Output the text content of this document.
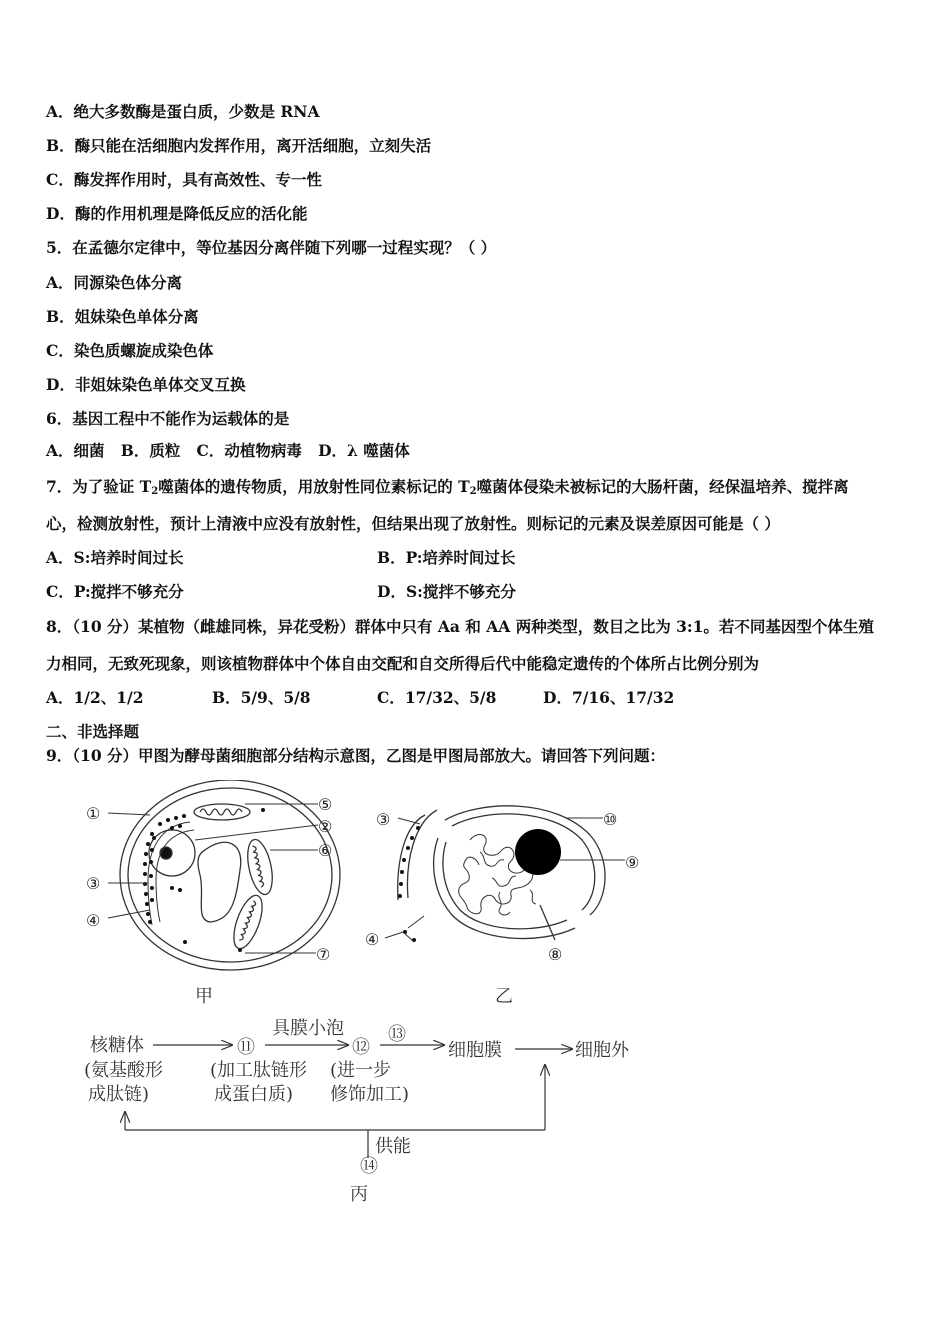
A．绝大多数酶是蛋白质，少数是 RNA
B．酶只能在活细胞内发挥作用，离开活细胞，立刻失活
C．酶发挥作用时，具有高效性、专一性
D．酶的作用机理是降低反应的活化能
5．在孟德尔定律中，等位基因分离伴随下列哪一过程实现？（ ）
A．同源染色体分离
B．姐妹染色单体分离
C．染色质螺旋成染色体
D．非姐妹染色单体交叉互换
6．基因工程中不能作为运载体的是
A．细菌 B．质粒 C．动植物病毒 D．λ 噬菌体
7．为了验证 $T_2$噬菌体的遗传物质，用放射性同位素标记的 $T_2$噬菌体侵染未被标记的大肠杆菌，经保温培养、搅拌离
心，检测放射性，预计上清液中应没有放射性，但结果出现了放射性。则标记的元素及误差原因可能是（ ）
A．S:培养时间过长	B．P:培养时间过长
C．P:搅拌不够充分	D．S:搅拌不够充分
8．（10 分）某植物（雌雄同株，异花受粉）群体中只有 Aa 和 AA 两种类型，数目之比为 3:1。若不同基因型个体生殖
力相同，无致死现象，则该植物群体中个体自由交配和自交所得后代中能稳定遗传的个体所占比例分别为
A．1/2、1/2	B．5/9、5/8	C．17/32、5/8	D．7/16、17/32
二、非选择题
9．（10 分）甲图为酵母菌细胞部分结构示意图，乙图是甲图局部放大。请回答下列问题：
①	⑤
②
③
④
⑥
⑦
甲
③
④
⑧
⑨
⑩
乙
核糖体
(氨基酸形
成肽链)
⑪
(加工肽链形
成蛋白质)
具膜小泡
⑫
(进一步
修饰加工)
⑬
细胞膜	细胞外
供能
⑭
丙
